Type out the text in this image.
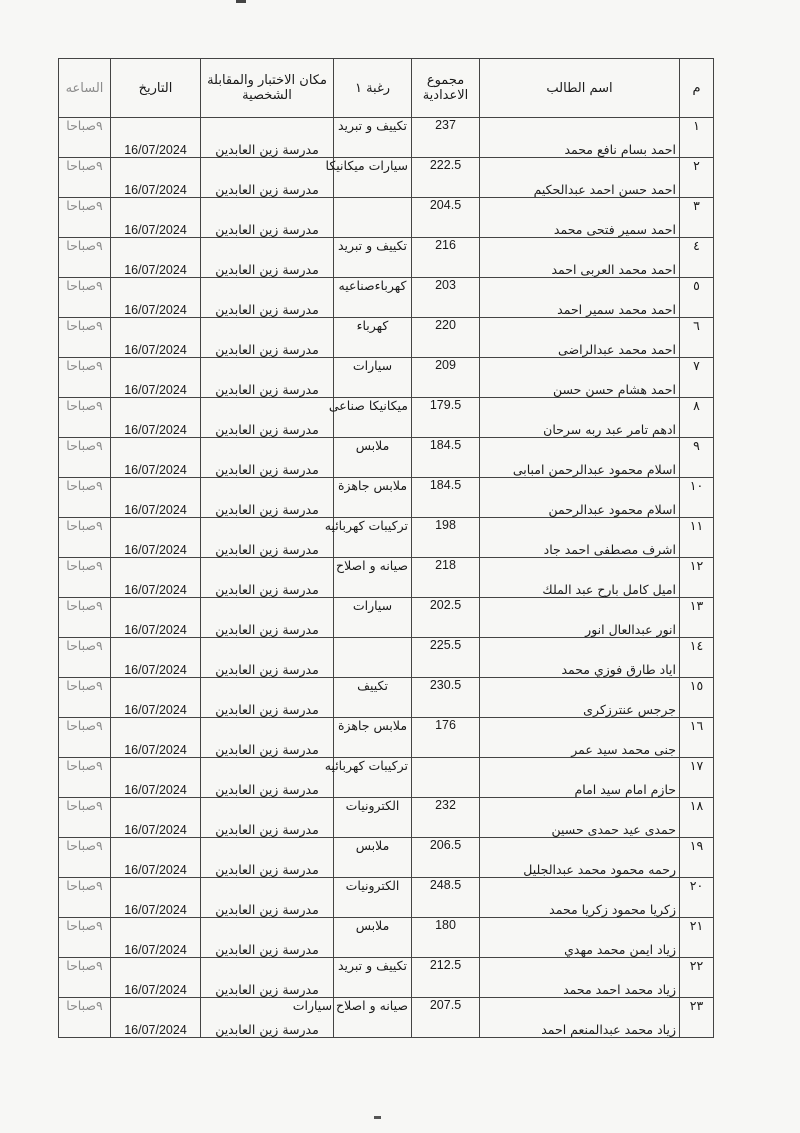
م	اسم الطالب	مجموع الاعدادية	رغبة ١	مكان الاختبار والمقابلة الشخصية	التاريخ	الساعه
١	احمد بسام نافع محمد	237	تكييف و تبريد	مدرسة زين العابدين	16/07/2024	٩صباحا
٢	احمد حسن احمد عبدالحكيم	222.5	سيارات ميكانيكا	مدرسة زين العابدين	16/07/2024	٩صباحا
٣	احمد سمير فتحى محمد	204.5		مدرسة زين العابدين	16/07/2024	٩صباحا
٤	احمد محمد العربى احمد	216	تكييف و تبريد	مدرسة زين العابدين	16/07/2024	٩صباحا
٥	احمد محمد سمير احمد	203	كهرباءصناعيه	مدرسة زين العابدين	16/07/2024	٩صباحا
٦	احمد محمد عبدالراضى	220	كهرباء	مدرسة زين العابدين	16/07/2024	٩صباحا
٧	احمد هشام حسن حسن	209	سيارات	مدرسة زين العابدين	16/07/2024	٩صباحا
٨	ادهم تامر عبد ربه سرحان	179.5	ميكانيكا صناعى	مدرسة زين العابدين	16/07/2024	٩صباحا
٩	اسلام محمود عبدالرحمن امبابى	184.5	ملابس	مدرسة زين العابدين	16/07/2024	٩صباحا
١٠	اسلام محمود عبدالرحمن	184.5	ملابس جاهزة	مدرسة زين العابدين	16/07/2024	٩صباحا
١١	اشرف مصطفى احمد جاد	198	تركيبات كهربائيه	مدرسة زين العابدين	16/07/2024	٩صباحا
١٢	اميل كامل بارح عبد الملك	218	صيانه و اصلاح	مدرسة زين العابدين	16/07/2024	٩صباحا
١٣	انور عبدالعال انور	202.5	سيارات	مدرسة زين العابدين	16/07/2024	٩صباحا
١٤	اياد طارق فوزي محمد	225.5		مدرسة زين العابدين	16/07/2024	٩صباحا
١٥	جرجس عنترزكرى	230.5	تكييف	مدرسة زين العابدين	16/07/2024	٩صباحا
١٦	جنى محمد سيد عمر	176	ملابس جاهزة	مدرسة زين العابدين	16/07/2024	٩صباحا
١٧	حازم امام سيد امام		تركيبات كهربائيه	مدرسة زين العابدين	16/07/2024	٩صباحا
١٨	حمدى عيد حمدى حسين	232	الكترونيات	مدرسة زين العابدين	16/07/2024	٩صباحا
١٩	رحمه محمود محمد عبدالجليل	206.5	ملابس	مدرسة زين العابدين	16/07/2024	٩صباحا
٢٠	زكريا محمود زكريا محمد	248.5	الكترونيات	مدرسة زين العابدين	16/07/2024	٩صباحا
٢١	زياد ايمن محمد مهدي	180	ملابس	مدرسة زين العابدين	16/07/2024	٩صباحا
٢٢	زياد محمد احمد محمد	212.5	تكييف و تبريد	مدرسة زين العابدين	16/07/2024	٩صباحا
٢٣	زياد محمد عبدالمنعم احمد	207.5	صيانه و اصلاح سيارات	مدرسة زين العابدين	16/07/2024	٩صباحا
